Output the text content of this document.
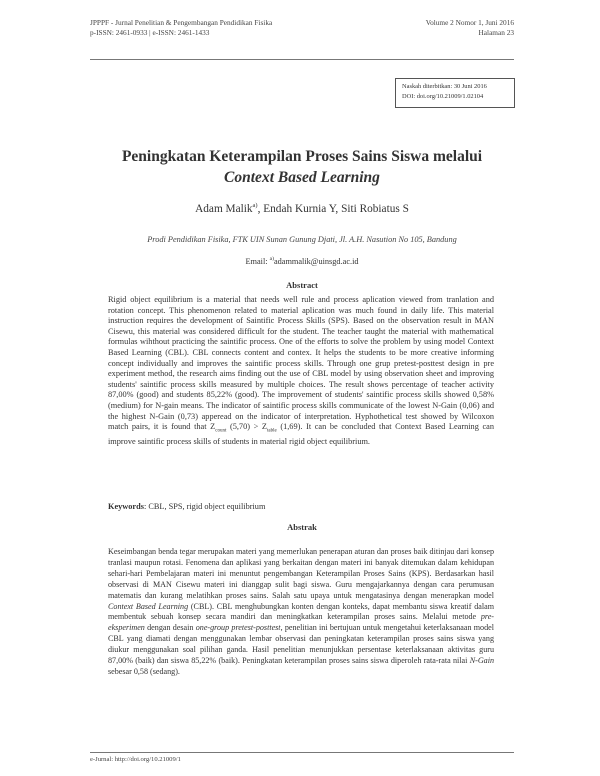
JPPPF - Jurnal Penelitian & Pengembangan Pendidikan Fisika
p-ISSN: 2461-0933 | e-ISSN: 2461-1433
Volume 2 Nomor 1, Juni 2016
Halaman 23
Naskah diterbitkan: 30 Juni 2016
DOI: doi.org/10.21009/1.02104
Peningkatan Keterampilan Proses Sains Siswa melalui
Context Based Learning
Adam Malik$^{a)}$, Endah Kurnia Y, Siti Robiatus S
Prodi Pendidikan Fisika, FTK UIN Sunan Gunung Djati, Jl. A.H. Nasution No 105, Bandung
Email: $^{a)}$adammalik@uinsgd.ac.id
Abstract
Rigid object equilibrium is a material that needs well rule and process aplication viewed from tranlation and rotation concept. This phenomenon related to material aplication was much found in daily life. This material instruction requires the development of Saintific Process Skills (SPS). Based on the observation result in MAN Cisewu, this material was considered difficult for the student. The teacher taught the material with mathematical formulas wihthout practicing the saintific process. One of the efforts to solve the problem by using model Context Based Learning (CBL). CBL connects content and contex. It helps the students to be more creative informing concept individually and improves the saintific process skills. Through one grup pretest-posttest design in pre experiment method, the research aims finding out the use of CBL model by using observation sheet and improving students' saintific process skills measured by multiple choices. The result shows percentage of teacher activity 87,00% (good) and students 85,22% (good). The improvement of students' saintific process skills showed 0,58% (medium) for N-gain means. The indicator of saintific process skills communicate of the lowest N-Gain (0,06) and the highest N-Gain (0,73) apperead on the indicator of interpretation. Hyphothetical test showed by Wilcoxon match pairs, it is found that $Z_{count}$ $(5,70) > Z_{table}$ (1,69). It can be concluded that Context Based Learning can improve saintific process skills of students in material rigid object equilibrium.
Keywords: CBL, SPS, rigid object equilibrium
Abstrak
Keseimbangan benda tegar merupakan materi yang memerlukan penerapan aturan dan proses baik ditinjau dari konsep tranlasi maupun rotasi. Fenomena dan aplikasi yang berkaitan dengan materi ini banyak ditemukan dalam kehidupan sehari-hari Pembelajaran materi ini menuntut pengembangan Keterampilan Proses Sains (KPS). Berdasarkan hasil observasi di MAN Cisewu materi ini dianggap sulit bagi siswa. Guru mengajarkannya dengan cara perumusan matematis dan kurang melatihkan proses sains. Salah satu upaya untuk mengatasinya dengan menerapkan model Context Based Learning (CBL). CBL menghubungkan konten dengan konteks, dapat membantu siswa kreatif dalam membentuk sebuah konsep secara mandiri dan meningkatkan keterampilan proses sains. Melalui metode pre-eksperimen dengan desain one-group pretest-posttest, penelitian ini bertujuan untuk mengetahui keterlaksanaan model CBL yang diamati dengan menggunakan lembar observasi dan peningkatan keterampilan proses sains siswa yang diukur menggunakan soal pilihan ganda. Hasil penelitian menunjukkan persentase keterlaksanaan aktivitas guru 87,00% (baik) dan siswa 85,22% (baik). Peningkatan keterampilan proses sains siswa diperoleh rata-rata nilai N-Gain sebesar 0,58 (sedang).
e-Jurnal: http://doi.org/10.21009/1
